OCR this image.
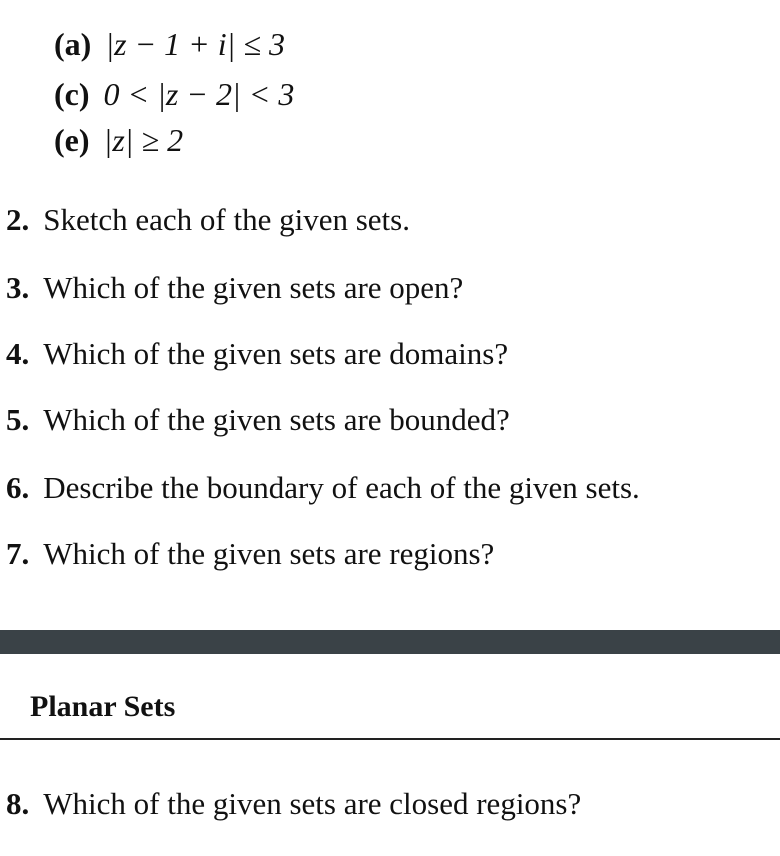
(a) |z − 1 + i| ≤ 3
(c) 0 < |z − 2| < 3
(e) |z| ≥ 2
2. Sketch each of the given sets.
3. Which of the given sets are open?
4. Which of the given sets are domains?
5. Which of the given sets are bounded?
6. Describe the boundary of each of the given sets.
7. Which of the given sets are regions?
Planar Sets
8. Which of the given sets are closed regions?
